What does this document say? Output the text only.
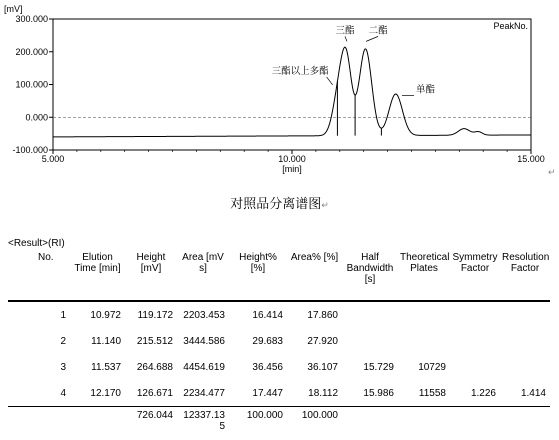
300.000
200.000
100.000
0.000
-100.000
5.000	10.000	15.000
[mV]
[min]
PeakNo.
三酯以上多酯
三酯 二酯
单酯
↵
对照品分离谱图↵
<Result>(RI)
No.	Elution Time [min]	Height [mV]	Area [mV s]	Height% [%]	Area% [%]	Half Bandwidth [s]	Theoretical Plates	Symmetry Factor	Resolution Factor
1	10.972	119.172	2203.453	16.414	17.860				
2	11.140	215.512	3444.586	29.683	27.920				
3	11.537	264.688	4454.619	36.456	36.107	15.729	10729		
4	12.170	126.671	2234.477	17.447	18.112	15.986	11558	1.226	1.414
		726.044	12337.135	100.000	100.000				
